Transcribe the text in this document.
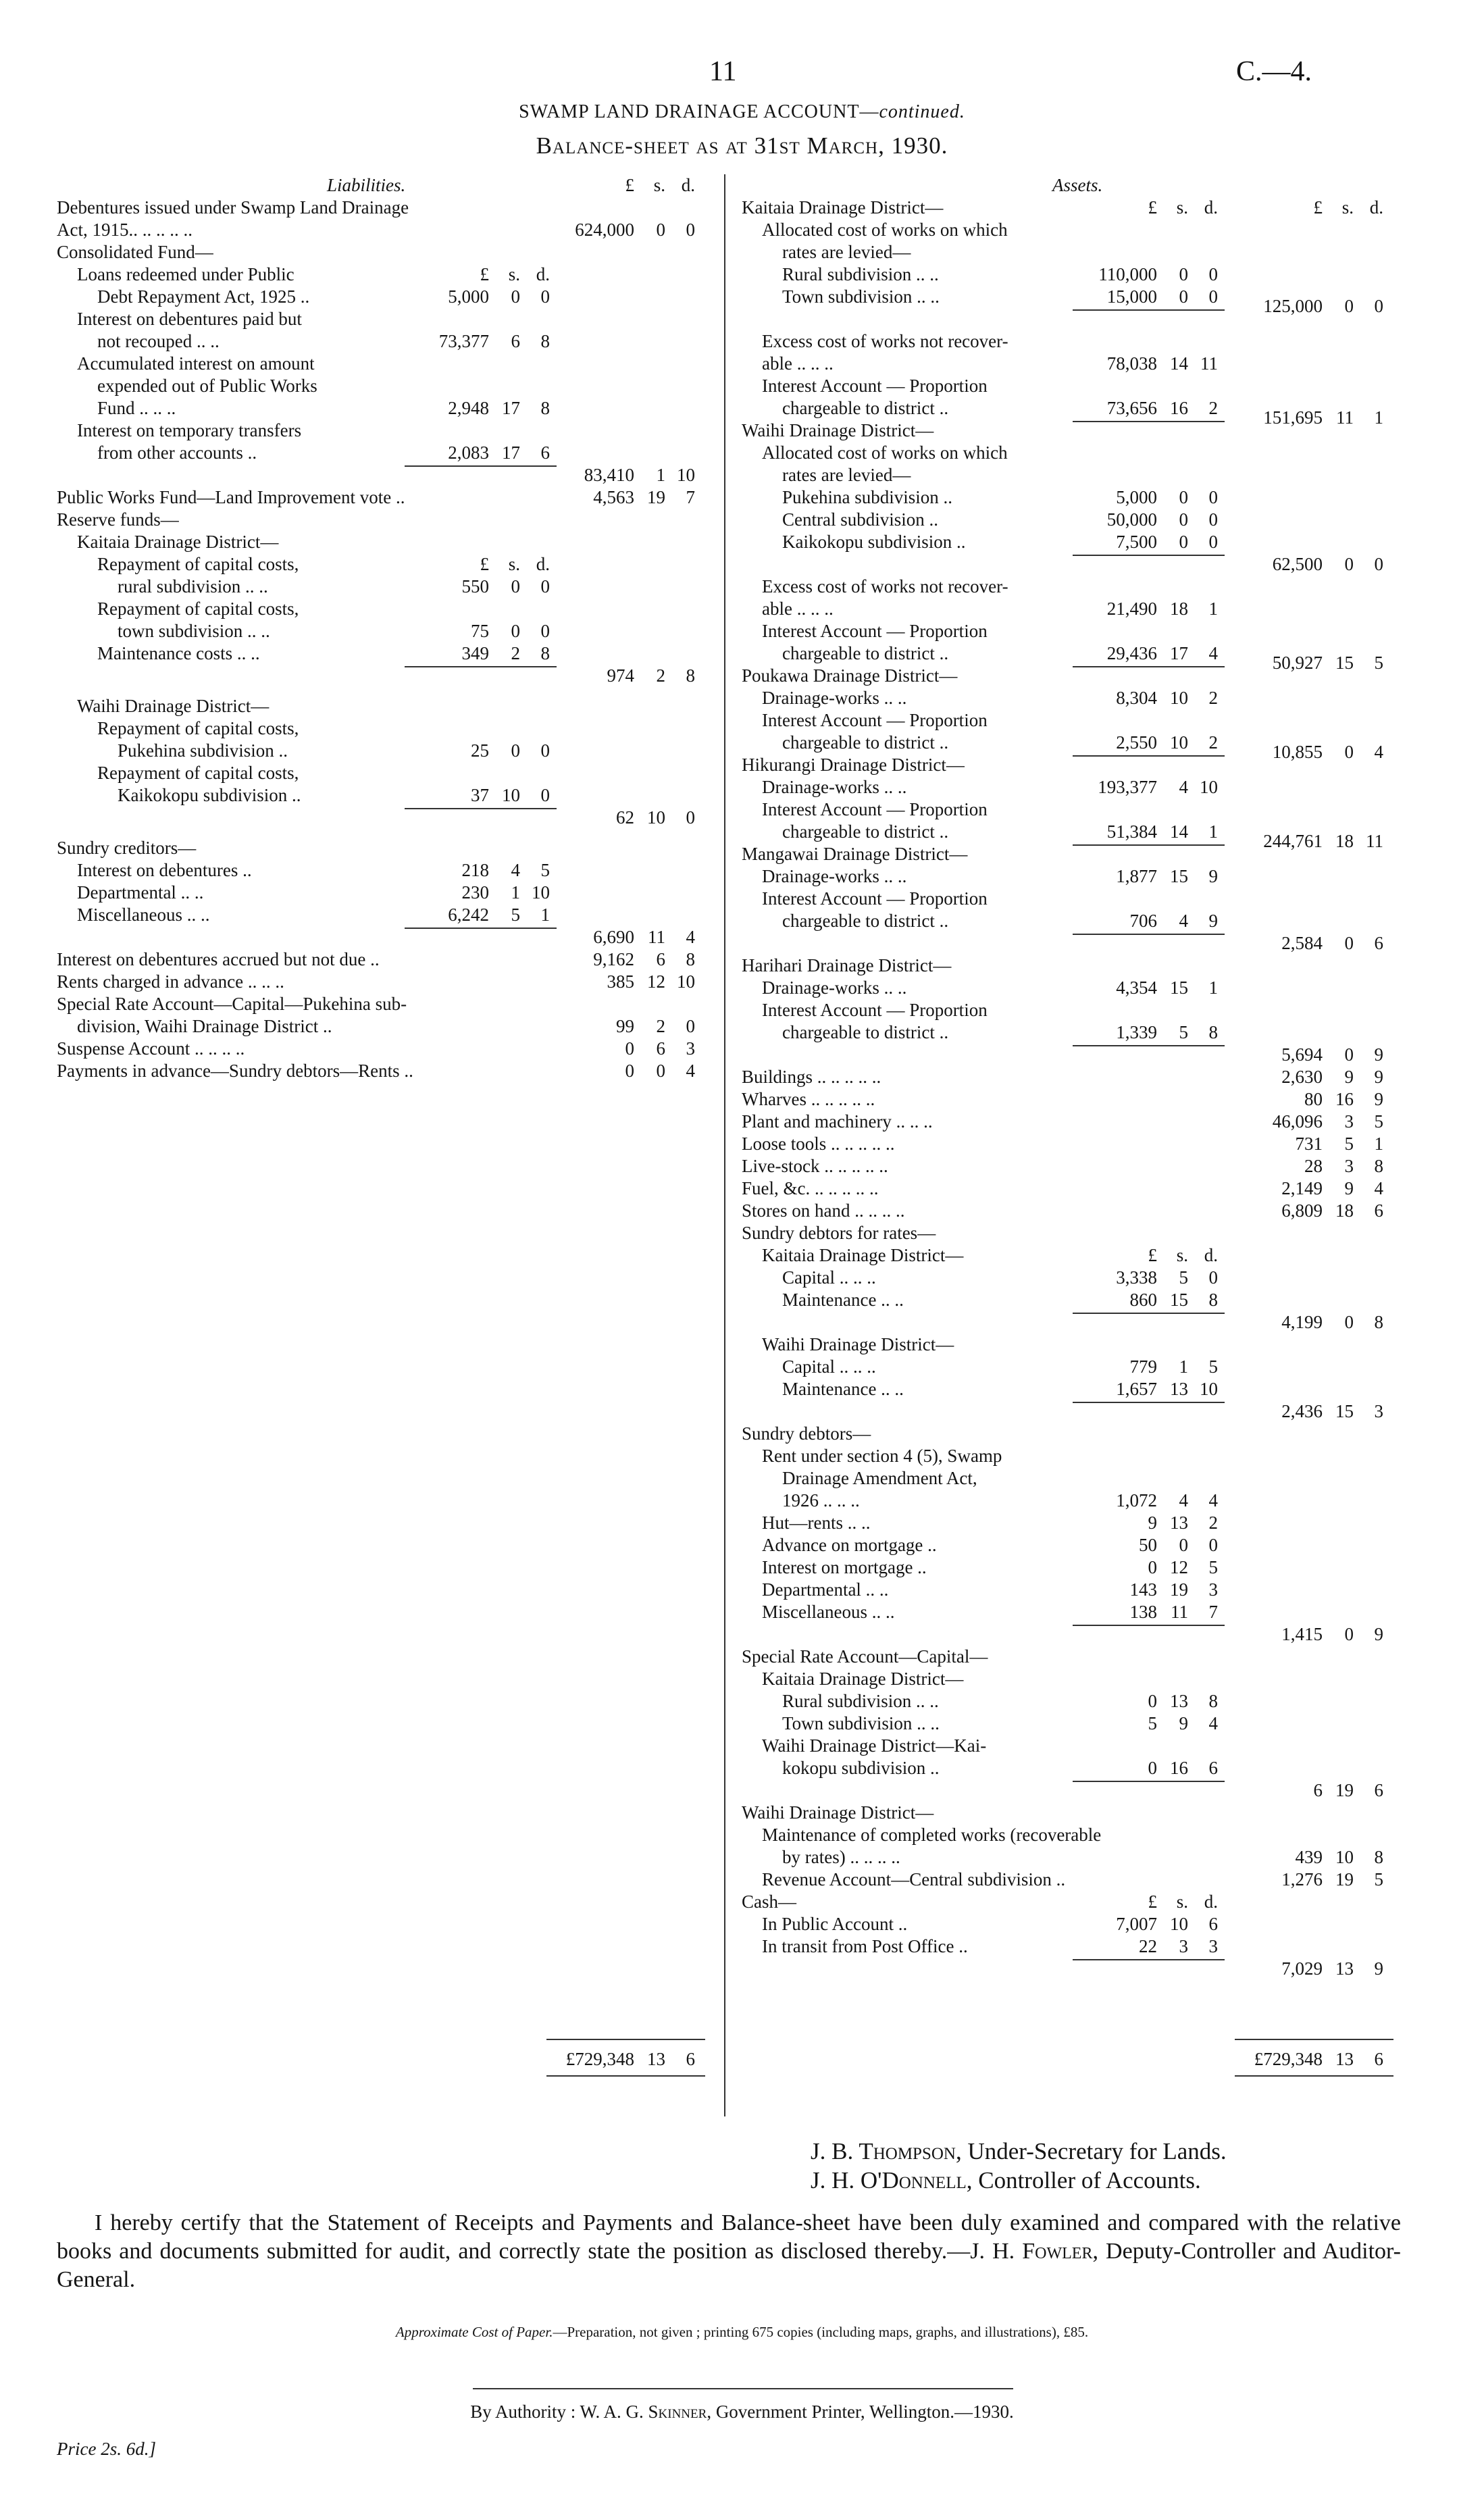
11	C.—4.
SWAMP LAND DRAINAGE ACCOUNT—continued.
Balance-sheet as at 31st March, 1930.
Liabilities.	£	s. d.
Debentures issued under Swamp Land Drainage
Act, 1915.. .. .. .. ..	624,000	0	0
Consolidated Fund—
Loans redeemed under Public	£	s. d.
Debt Repayment Act, 1925 ..	5,000	0	0
Interest on debentures paid but
not recouped .. ..	73,377	6	8
Accumulated interest on amount
expended out of Public Works
Fund .. .. ..	2,948 17	8
Interest on temporary transfers
from other accounts ..	2,083 17	6
83,410	1 10
Public Works Fund—Land Improvement vote ..	4,563 19	7
Reserve funds—
Kaitaia Drainage District—
Repayment of capital costs,	£	s. d.
rural subdivision .. ..	550	0	0
Repayment of capital costs,
town subdivision .. ..	75	0	0
Maintenance costs .. ..	349	2	8
974	2	8
Waihi Drainage District—
Repayment of capital costs,
Pukehina subdivision ..	25	0	0
Repayment of capital costs,
Kaikokopu subdivision ..	37 10	0
62 10	0
Sundry creditors—
Interest on debentures ..	218	4	5
Departmental .. ..	230	1 10
Miscellaneous .. ..	6,242	5	1
6,690 11	4
Interest on debentures accrued but not due ..	9,162	6	8
Rents charged in advance .. .. ..	385 12 10
Special Rate Account—Capital—Pukehina sub-
division, Waihi Drainage District ..	99	2	0
Suspense Account .. .. .. ..	0	6	3
Payments in advance—Sundry debtors—Rents ..	0	0	4
£729,348 13	6
Assets.
Kaitaia Drainage District—	£	s. d.	£	s. d.
Allocated cost of works on which
rates are levied—
Rural subdivision .. ..	110,000	0	0
Town subdivision .. ..	15,000	0	0	125,000	0	0
Excess cost of works not recover-
able .. .. ..	78,038 14 11
Interest Account — Proportion
chargeable to district ..	73,656 16	2	151,695 11	1
Waihi Drainage District—
Allocated cost of works on which
rates are levied—
Pukehina subdivision ..	5,000	0	0
Central subdivision ..	50,000	0	0
Kaikokopu subdivision ..	7,500	0	0
62,500	0	0
Excess cost of works not recover-
able .. .. ..	21,490 18	1
Interest Account — Proportion
chargeable to district ..	29,436 17	4	50,927 15	5
Poukawa Drainage District—
Drainage-works .. ..	8,304 10	2
Interest Account — Proportion
chargeable to district ..	2,550 10	2	10,855	0	4
Hikurangi Drainage District—
Drainage-works .. ..	193,377	4 10
Interest Account — Proportion
chargeable to district ..	51,384 14	1	244,761 18 11
Mangawai Drainage District—
Drainage-works .. ..	1,877 15	9
Interest Account — Proportion
chargeable to district ..	706	4	9
2,584	0	6
Harihari Drainage District—
Drainage-works .. ..	4,354 15	1
Interest Account — Proportion
chargeable to district ..	1,339	5	8
5,694	0	9
Buildings .. .. .. .. ..	2,630	9	9
Wharves .. .. .. .. ..	80 16	9
Plant and machinery .. .. ..	46,096	3	5
Loose tools .. .. .. .. ..	731	5	1
Live-stock .. .. .. .. ..	28	3	8
Fuel, &c. .. .. .. .. ..	2,149	9	4
Stores on hand .. .. .. ..	6,809 18	6
Sundry debtors for rates—
Kaitaia Drainage District—	£	s. d.
Capital .. .. ..	3,338	5	0
Maintenance .. ..	860 15	8
4,199	0	8
Waihi Drainage District—
Capital .. .. ..	779	1	5
Maintenance .. ..	1,657 13 10
2,436 15	3
Sundry debtors—
Rent under section 4 (5), Swamp
Drainage Amendment Act,
1926 .. .. ..	1,072	4	4
Hut—rents .. ..	9 13	2
Advance on mortgage ..	50	0	0
Interest on mortgage ..	0 12	5
Departmental .. ..	143 19	3
Miscellaneous .. ..	138 11	7
1,415	0	9
Special Rate Account—Capital—
Kaitaia Drainage District—
Rural subdivision .. ..	0 13	8
Town subdivision .. ..	5	9	4
Waihi Drainage District—Kai-
kokopu subdivision ..	0 16	6
6 19	6
Waihi Drainage District—
Maintenance of completed works (recoverable
by rates) .. .. .. ..	439 10	8
Revenue Account—Central subdivision ..	1,276 19	5
Cash—	£	s. d.
In Public Account ..	7,007 10	6
In transit from Post Office ..	22	3	3
7,029 13	9
£729,348 13	6
J. B. Thompson, Under-Secretary for Lands.
J. H. O'Donnell, Controller of Accounts.
I hereby certify that the Statement of Receipts and Payments and Balance-sheet have been duly examined and compared with the relative books and documents submitted for audit, and correctly state the position as disclosed thereby.—J. H. Fowler, Deputy-Controller and Auditor-General.
Approximate Cost of Paper.—Preparation, not given ; printing 675 copies (including maps, graphs, and illustrations), £85.
By Authority : W. A. G. Skinner, Government Printer, Wellington.—1930.
Price 2s. 6d.]
